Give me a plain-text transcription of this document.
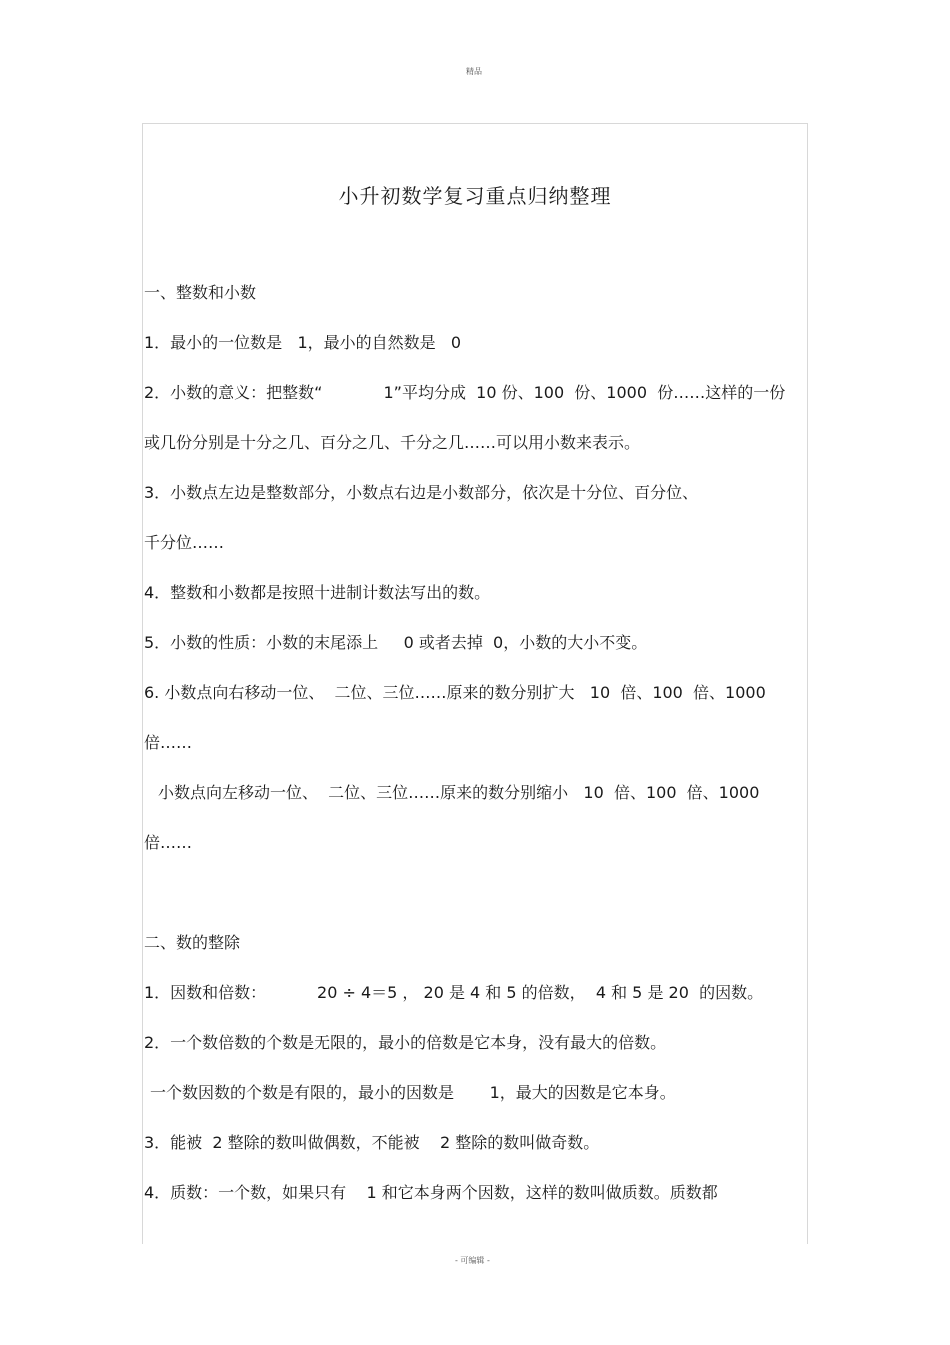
精品
小升初数学复习重点归纳整理
一、整数和小数
1．最小的一位数是   1，最小的自然数是   0
2．小数的意义：把整数“            1”平均分成  10 份、100  份、1000  份……这样的一份
或几份分别是十分之几、百分之几、千分之几……可以用小数来表示。
3．小数点左边是整数部分，小数点右边是小数部分，依次是十分位、百分位、
千分位……
4．整数和小数都是按照十进制计数法写出的数。
5．小数的性质：小数的末尾添上     0 或者去掉  0，小数的大小不变。
6. 小数点向右移动一位、  二位、三位……原来的数分别扩大   10  倍、100  倍、1000
倍……
小数点向左移动一位、  二位、三位……原来的数分别缩小   10  倍、100  倍、1000
倍……
二、数的整除
1．因数和倍数：          20 ÷ 4＝5 ， 20 是 4 和 5 的倍数，  4 和 5 是 20  的因数。
2．一个数倍数的个数是无限的，最小的倍数是它本身，没有最大的倍数。
一个数因数的个数是有限的，最小的因数是       1，最大的因数是它本身。
3．能被  2 整除的数叫做偶数，不能被    2 整除的数叫做奇数。
4．质数：一个数，如果只有    1 和它本身两个因数，这样的数叫做质数。质数都
- 可编辑 -
